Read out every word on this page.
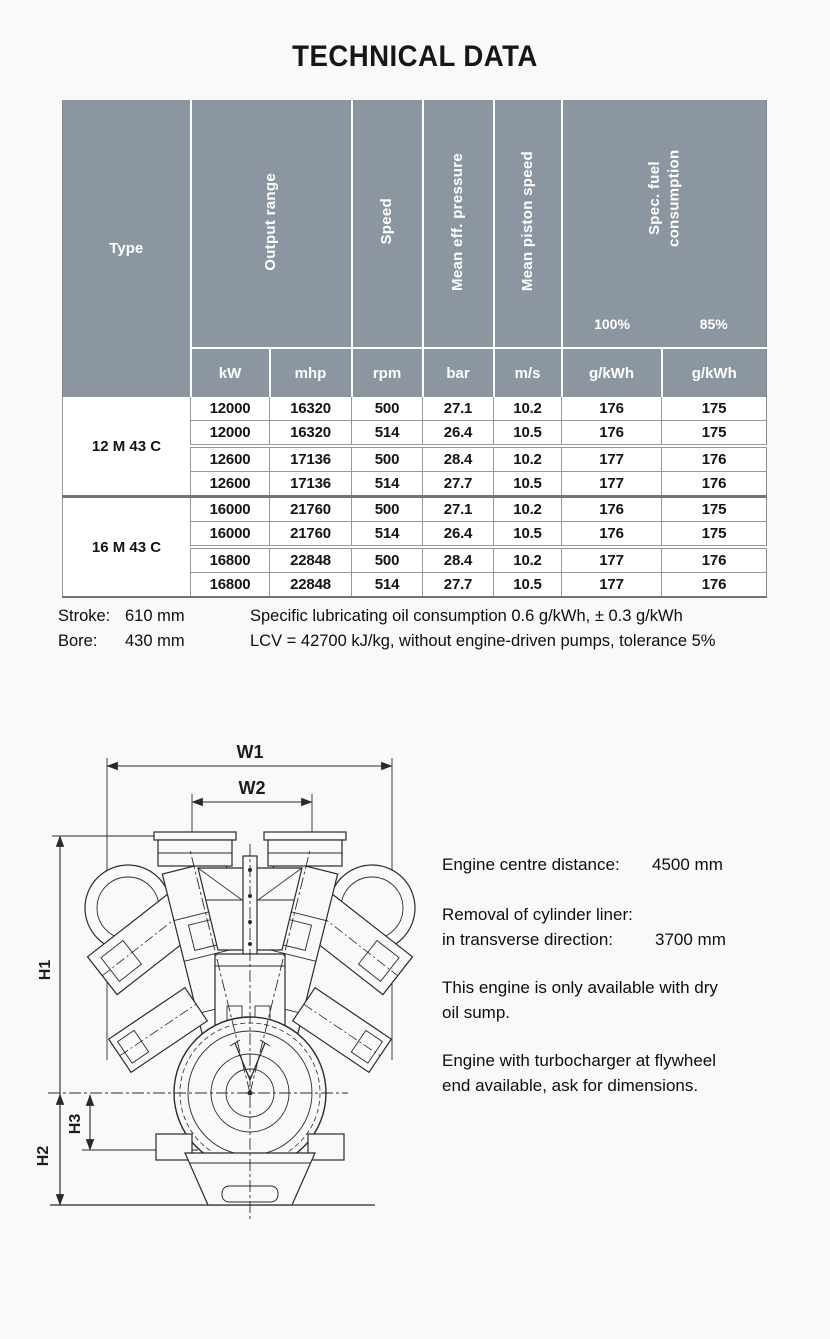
TECHNICAL DATA
Type	Output range		Speed	Mean eff. pressure	Mean piston speed	Spec. fuel consumption	
						100%	85%
	kW	mhp	rpm	bar	m/s	g/kWh	g/kWh
12 M 43 C	12000	16320	500	27.1	10.2	176	175
	12000	16320	514	26.4	10.5	176	175
	12600	17136	500	28.4	10.2	177	176
	12600	17136	514	27.7	10.5	177	176
16 M 43 C	16000	21760	500	27.1	10.2	176	175
	16000	21760	514	26.4	10.5	176	175
	16800	22848	500	28.4	10.2	177	176
	16800	22848	514	27.7	10.5	177	176
Stroke: 610 mm
Bore: 430 mm
Specific lubricating oil consumption 0.6 g/kWh, ± 0.3 g/kWh
LCV = 42700 kJ/kg, without engine-driven pumps, tolerance 5%
W1
W2
H1
H2
H3
Engine centre distance: 4500 mm
Removal of cylinder liner:
in transverse direction: 3700 mm
This engine is only available with dry
oil sump.
Engine with turbocharger at flywheel
end available, ask for dimensions.
